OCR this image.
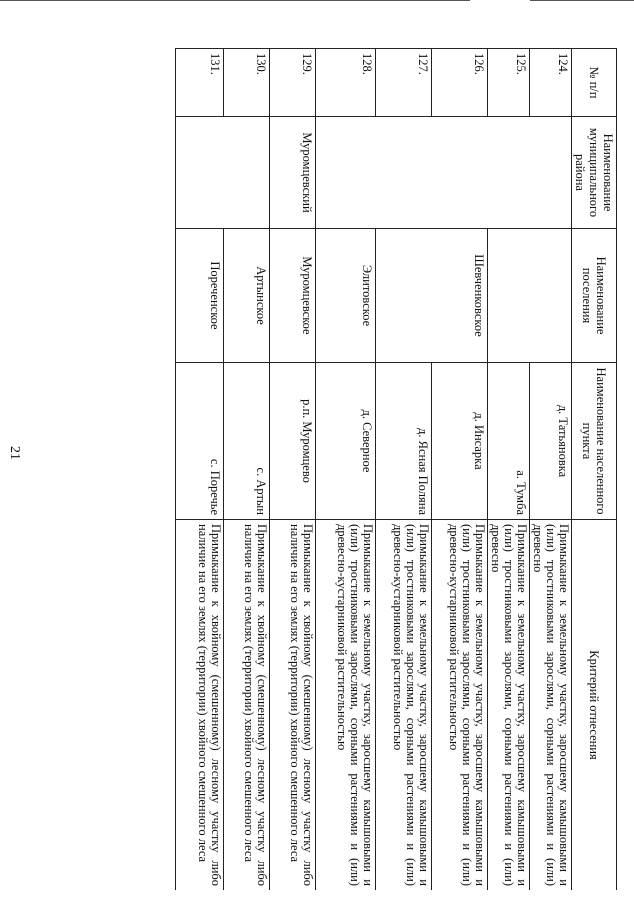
21
№ п/п	Наименование муниципального района	Наименование поселения	Наименование населенного пункта	Критерий отнесения
124.			д. Татьяновка	Примыкание к земельному участку, заросшему камышовыми и (или) тростниковыми зарослями, сорными растениями и (или) древесно
125.			а. Тумба	Примыкание к земельному участку, заросшему камышовыми и (или) тростниковыми зарослями, сорными растениями и (или) древесно
126.		Шевченковское	д. Инсарка	Примыкание к земельному участку, заросшему камышовыми и (или) тростниковыми зарослями, сорными растениями и (или) древесно-кустарниковой растительностью
127.			д. Ясная Поляна	Примыкание к земельному участку, заросшему камышовыми и (или) тростниковыми зарослями, сорными растениями и (или) древесно-кустарниковой растительностью
128.		Элитовское	д. Северное	Примыкание к земельному участку, заросшему камышовыми и (или) тростниковыми зарослями, сорными растениями и (или) древесно-кустарниковой растительностью
129.	Муромцевский	Муромцевское	р.п. Муромцево	Примыкание к хвойному (смешенному) лесному участку либо наличие на его землях (территории) хвойного смешенного леса
130.		Артынское	с. Артын	Примыкание к хвойному (смешенному) лесному участку либо наличие на его землях (территории) хвойного смешенного леса
131.		Пореченское	с. Поречье	Примыкание к хвойному (смешенному) лесному участку либо наличие на его землях (территории) хвойного смешенного леса
